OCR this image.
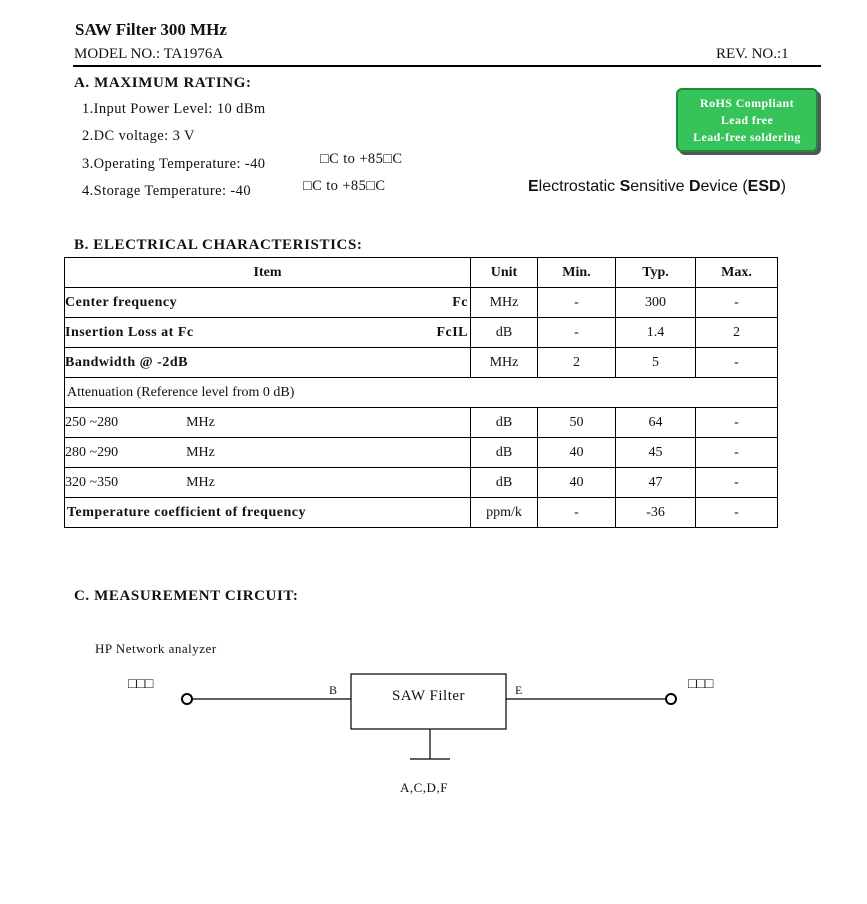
SAW Filter 300 MHz
MODEL NO.: TA1976A	REV. NO.:1
A. MAXIMUM RATING:
1.Input Power Level: 10 dBm
2.DC voltage: 3 V
3.Operating Temperature: -40	□C to +85□C
4.Storage Temperature: -40	□C to +85□C
RoHS Compliant
Lead free
Lead-free soldering
Electrostatic Sensitive Device (ESD)
B. ELECTRICAL CHARACTERISTICS:
Item	Unit	Min.	Typ.	Max.

Center frequency Fc	MHz	-	300	-

Insertion Loss at Fc FcIL	dB	-	1.4	2

Bandwidth @ -2dB	MHz	2	5	-
Attenuation (Reference level from 0 dB)				
250 ~280 MHz	dB	50	64	-
280 ~290 MHz	dB	40	45	-
320 ~350 MHz	dB	40	47	-
Temperature coefficient of frequency	ppm/k	-	-36	-
C. MEASUREMENT CIRCUIT:
HP Network analyzer
□□□	□□□
B	E
SAW Filter
A,C,D,F
